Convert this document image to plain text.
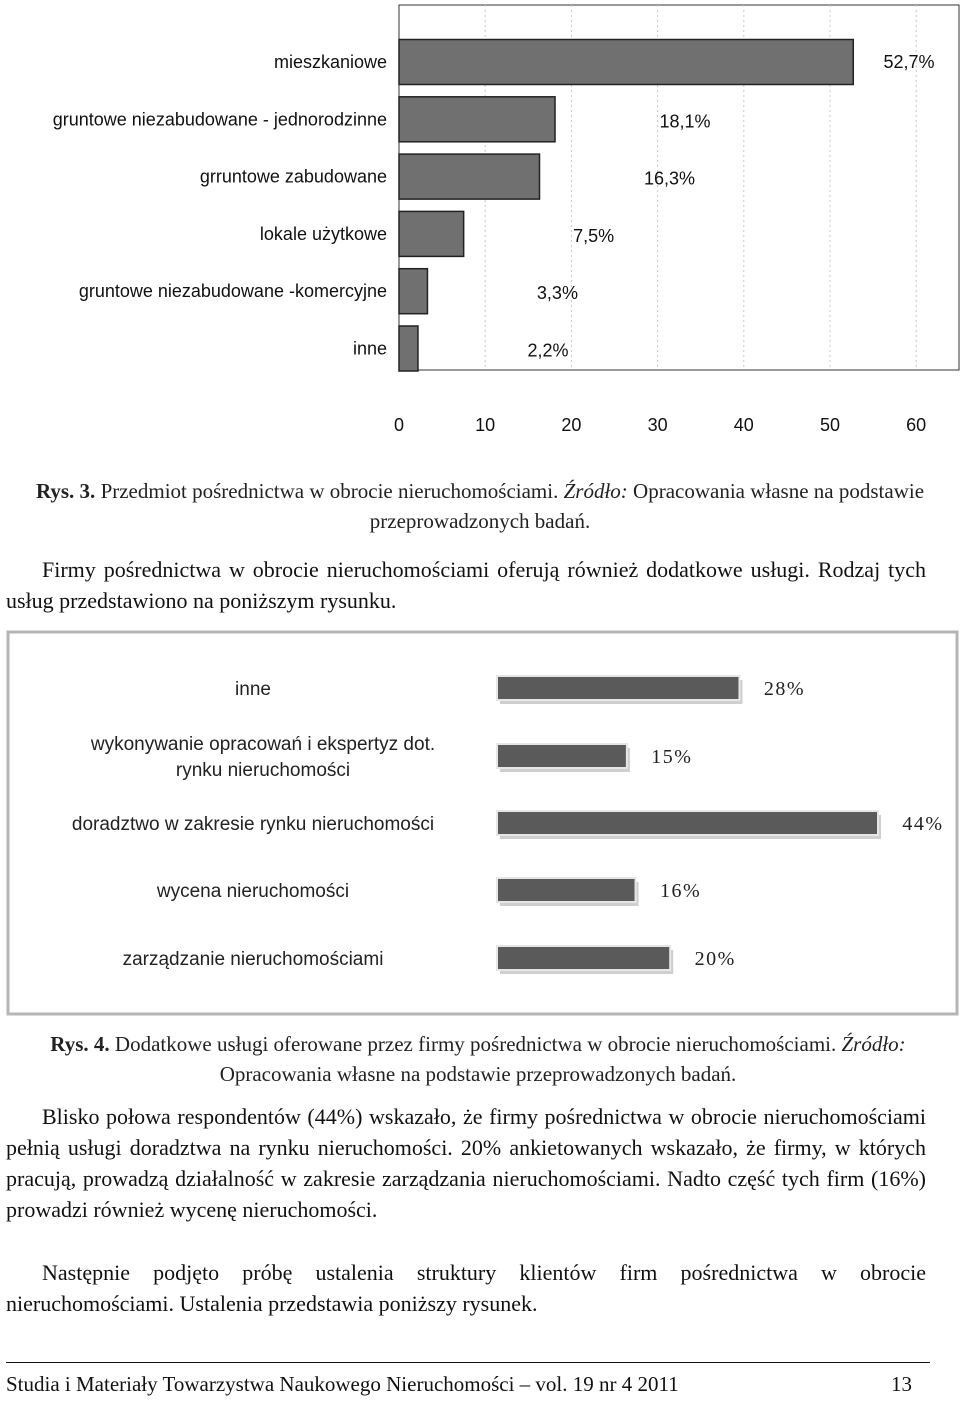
0	10	20	30	40	50	60
mieszkaniowe	52,7%
gruntowe niezabudowane - jednorodzinne	18,1%
grruntowe zabudowane	16,3%
lokale użytkowe	7,5%
gruntowe niezabudowane -komercyjne	3,3%
inne	2,2%
Rys. 3. Przedmiot pośrednictwa w obrocie nieruchomościami. Źródło: Opracowania własne na podstawie przeprowadzonych badań.
Firmy pośrednictwa w obrocie nieruchomościami oferują również dodatkowe usługi. Rodzaj tych usług przedstawiono na poniższym rysunku.
28%
inne
15%
wykonywanie opracowań i ekspertyz dot.
rynku nieruchomości
44%
doradztwo w zakresie rynku nieruchomości
16%
wycena nieruchomości
20%
zarządzanie nieruchomościami
Rys. 4. Dodatkowe usługi oferowane przez firmy pośrednictwa w obrocie nieruchomościami. Źródło: Opracowania własne na podstawie przeprowadzonych badań.
Blisko połowa respondentów (44%) wskazało, że firmy pośrednictwa w obrocie nieruchomościami pełnią usługi doradztwa na rynku nieruchomości. 20% ankietowanych wskazało, że firmy, w których pracują, prowadzą działalność w zakresie zarządzania nieruchomościami. Nadto część tych firm (16%) prowadzi również wycenę nieruchomości.
Następnie podjęto próbę ustalenia struktury klientów firm pośrednictwa w obrocie nieruchomościami. Ustalenia przedstawia poniższy rysunek.
Studia i Materiały Towarzystwa Naukowego Nieruchomości – vol. 19 nr 4 2011	13
